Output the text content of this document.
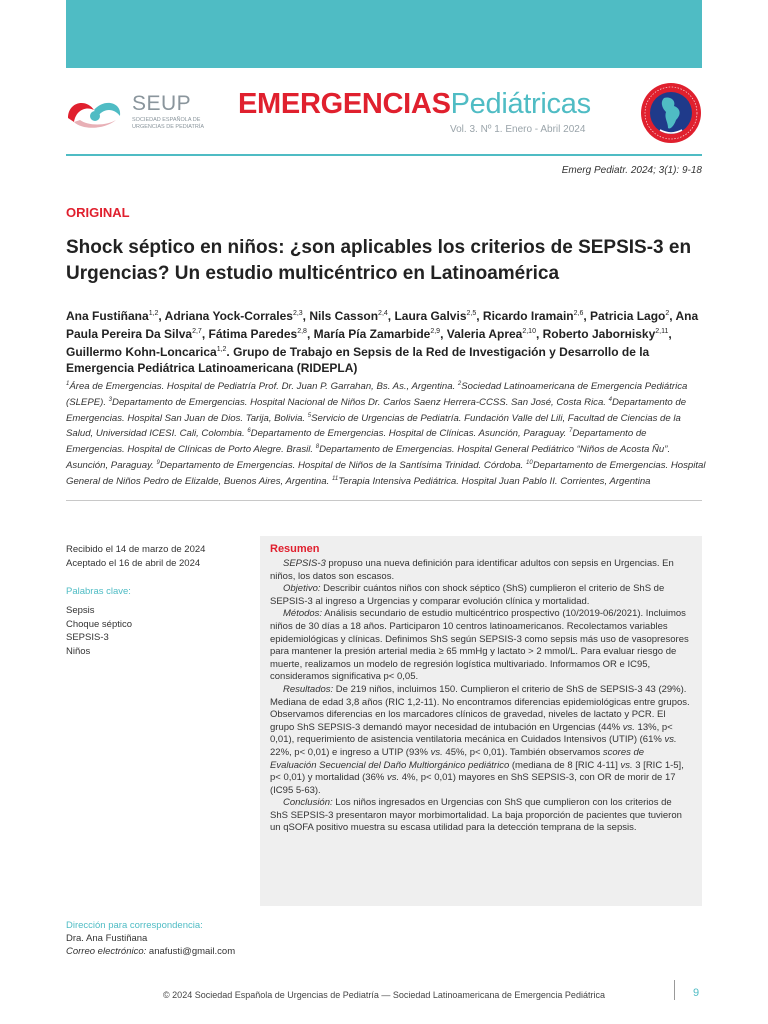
SEUP
SOCIEDAD ESPAÑOLA DE URGENCIAS DE PEDIATRÍA
EMERGENCIASPediátricas
Vol. 3. Nº 1. Enero - Abril 2024
Emerg Pediatr. 2024; 3(1): 9-18
ORIGINAL
Shock séptico en niños: ¿son aplicables los criterios de SEPSIS-3 en Urgencias? Un estudio multicéntrico en Latinoamérica
Ana Fustiñana$^{1,2}$, Adriana Yock-Corrales$^{2,3}$, Nils Casson$^{2,4}$, Laura Galvis$^{2,5}$, Ricardo Iramain$^{2,6}$, Patricia Lago$^2$, Ana Paula Pereira Da Silva$^{2,7}$, Fátima Paredes$^{2,8}$, María Pía Zamarbide$^{2,9}$, Valeria Aprea$^{2,10}$, Roberto Jaborнisky$^{2,11}$, Guillermo Kohn-Loncarica$^{1,2}$. Grupo de Trabajo en Sepsis de la Red de Investigación y Desarrollo de la Emergencia Pediátrica Latinoamericana (RIDEPLA)
$^1$Área de Emergencias. Hospital de Pediatría Prof. Dr. Juan P. Garrahan, Bs. As., Argentina. $^2$Sociedad Latinoamericana de Emergencia Pediátrica (SLEPE). $^3$Departamento de Emergencias. Hospital Nacional de Niños Dr. Carlos Saenz Herrera-CCSS. San José, Costa Rica. $^4$Departamento de Emergencias. Hospital San Juan de Dios. Tarija, Bolivia. $^5$Servicio de Urgencias de Pediatría. Fundación Valle del Lili, Facultad de Ciencias de la Salud, Universidad ICESI. Cali, Colombia. $^6$Departamento de Emergencias. Hospital de Clínicas. Asunción, Paraguay. $^7$Departamento de Emergencias. Hospital de Clínicas de Porto Alegre. Brasil. $^8$Departamento de Emergencias. Hospital General Pediátrico “Niños de Acosta Ñu”. Asunción, Paraguay. $^9$Departamento de Emergencias. Hospital de Niños de la Santísima Trinidad. Córdoba. $^{10}$Departamento de Emergencias. Hospital General de Niños Pedro de Elizalde, Buenos Aires, Argentina. $^{11}$Terapia Intensiva Pediátrica. Hospital Juan Pablo II. Corrientes, Argentina
Recibido el 14 de marzo de 2024
Aceptado el 16 de abril de 2024
Palabras clave:
Sepsis
Choque séptico
SEPSIS-3
Niños
Resumen

SEPSIS-3 propuso una nueva definición para identificar adultos con sepsis en Urgencias. En niños, los datos son escasos.

Objetivo: Describir cuántos niños con shock séptico (ShS) cumplieron el criterio de ShS de SEPSIS-3 al ingreso a Urgencias y comparar evolución clínica y mortalidad.

Métodos: Análisis secundario de estudio multicéntrico prospectivo (10/2019-06/2021). Incluimos niños de 30 días a 18 años. Participaron 10 centros latinoamericanos. Recolectamos variables epidemiológicas y clínicas. Definimos ShS según SEPSIS-3 como sepsis más uso de vasopresores para mantener la presión arterial media ≥ 65 mmHg y lactato > 2 mmol/L. Para evaluar riesgo de muerte, realizamos un modelo de regresión logística multivariado. Informamos OR e IC95, consideramos significativa p< 0,05.

Resultados: De 219 niños, incluimos 150. Cumplieron el criterio de ShS de SEPSIS-3 43 (29%). Mediana de edad 3,8 años (RIC 1,2-11). No encontramos diferencias epidemiológicas entre grupos. Observamos diferencias en los marcadores clínicos de gravedad, niveles de lactato y PCR. El grupo ShS SEPSIS-3 demandó mayor necesidad de intubación en Urgencias (44% vs. 13%, p< 0,01), requerimiento de asistencia ventilatoria mecánica en Cuidados Intensivos (UTIP) (61% vs. 22%, p< 0,01) e ingreso a UTIP (93% vs. 45%, p< 0,01). También observamos scores de Evaluación Secuencial del Daño Multiorgánico pediátrico (mediana de 8 [RIC 4-11] vs. 3 [RIC 1-5], p< 0,01) y mortalidad (36% vs. 4%, p< 0,01) mayores en ShS SEPSIS-3, con OR de morir de 17 (IC95 5-63).

Conclusión: Los niños ingresados en Urgencias con ShS que cumplieron con los criterios de ShS SEPSIS-3 presentaron mayor morbimortalidad. La baja proporción de pacientes que tuvieron un qSOFA positivo muestra su escasa utilidad para la detección temprana de la sepsis.

Dirección para correspondencia:
Dra. Ana Fustiñana
Correo electrónico: anafusti@gmail.com
© 2024 Sociedad Española de Urgencias de Pediatría — Sociedad Latinoamericana de Emergencia Pediátrica	9
